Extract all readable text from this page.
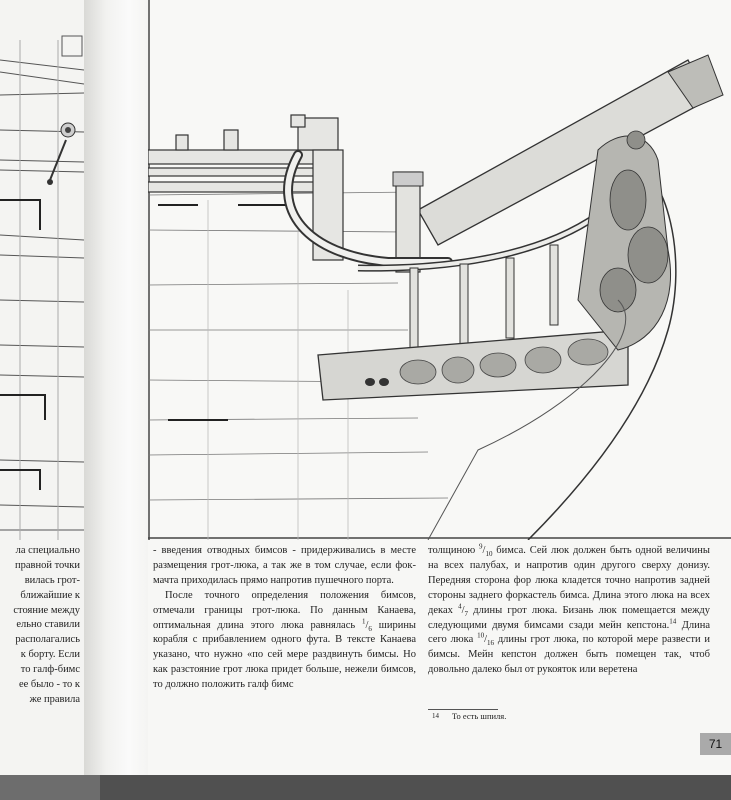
ла специально
правной точки
вилась грот-
ближайшие к
стояние между
ельно ставили
располагались
к борту. Если
то галф-бимс
ее было - то к
же правила

- введения отводных бимсов - придерживались в месте размещения грот-люка, а так же в том случае, если фок-мачта приходилась прямо напротив пушечного порта.

После точного определения положения бимсов, отмечали границы грот-люка. По данным Канаева, оптимальная длина этого люка равнялась $^1/_6$ ширины корабля с прибавлением одного фута. В тексте Канаева указано, что нужно «по сей мере раздвинуть бимсы. Но как разстояние грот люка придет больше, нежели бимсов, то должно положить галф бимс

толщиною $^9/_{10}$ бимса. Сей люк должен быть одной величины на всех палубах, и напротив один другого сверху донизу. Передняя сторона фор люка кладется точно напротив задней стороны заднего форкастель бимса. Длина этого люка на всех деках $^4/_7$ длины грот люка. Бизань люк помещается между следующими двумя бимсами сзади мейн кепстона.$^{14}$ Длина сего люка $^{10}/_{16}$ длины грот люка, по которой мере развести и бимсы. Мейн кепстон должен быть помещен так, чтоб довольно далеко был от рукояток или веретена

14 То есть шпиля.
71
